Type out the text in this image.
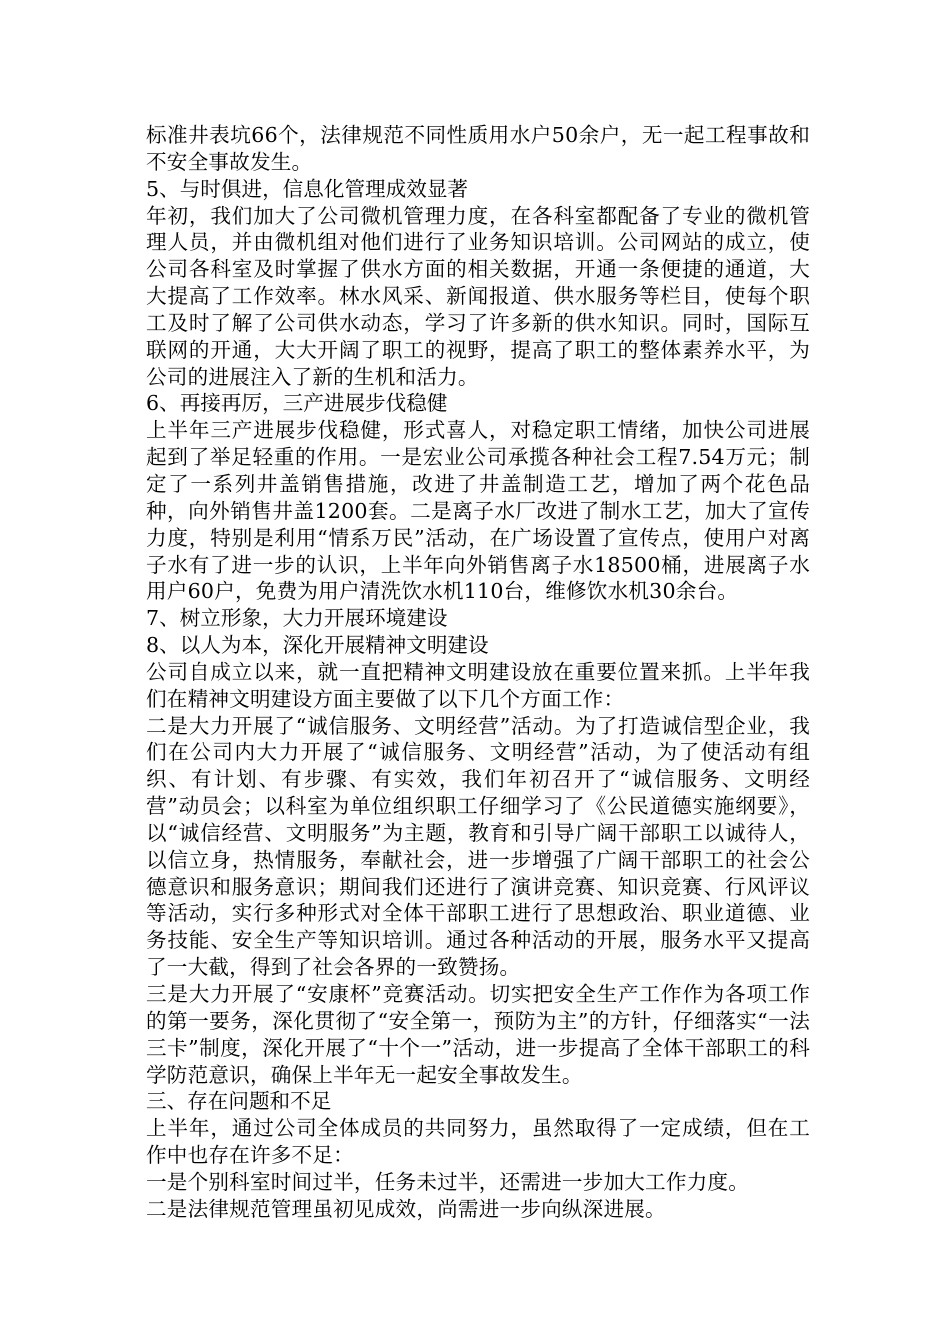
标准井表坑66个，法律规范不同性质用水户50余户，无一起工程事故和不安全事故发生。

5、与时俱进，信息化管理成效显著

年初，我们加大了公司微机管理力度，在各科室都配备了专业的微机管理人员，并由微机组对他们进行了业务知识培训。公司网站的成立，使公司各科室及时掌握了供水方面的相关数据，开通一条便捷的通道，大大提高了工作效率。林水风采、新闻报道、供水服务等栏目，使每个职工及时了解了公司供水动态，学习了许多新的供水知识。同时，国际互联网的开通，大大开阔了职工的视野，提高了职工的整体素养水平，为公司的进展注入了新的生机和活力。

6、再接再厉，三产进展步伐稳健

上半年三产进展步伐稳健，形式喜人，对稳定职工情绪，加快公司进展起到了举足轻重的作用。一是宏业公司承揽各种社会工程7.54万元；制定了一系列井盖销售措施，改进了井盖制造工艺，增加了两个花色品种，向外销售井盖1200套。二是离子水厂改进了制水工艺，加大了宣传力度，特别是利用“情系万民”活动，在广场设置了宣传点，使用户对离子水有了进一步的认识，上半年向外销售离子水18500桶，进展离子水用户60户，免费为用户清洗饮水机110台，维修饮水机30余台。

7、树立形象，大力开展环境建设

8、以人为本，深化开展精神文明建设

公司自成立以来，就一直把精神文明建设放在重要位置来抓。上半年我们在精神文明建设方面主要做了以下几个方面工作：

二是大力开展了“诚信服务、文明经营”活动。为了打造诚信型企业，我们在公司内大力开展了“诚信服务、文明经营”活动，为了使活动有组织、有计划、有步骤、有实效，我们年初召开了“诚信服务、文明经营”动员会；以科室为单位组织职工仔细学习了《公民道德实施纲要》，以“诚信经营、文明服务”为主题，教育和引导广阔干部职工以诚待人，以信立身，热情服务，奉献社会，进一步增强了广阔干部职工的社会公德意识和服务意识；期间我们还进行了演讲竞赛、知识竞赛、行风评议等活动，实行多种形式对全体干部职工进行了思想政治、职业道德、业务技能、安全生产等知识培训。通过各种活动的开展，服务水平又提高了一大截，得到了社会各界的一致赞扬。

三是大力开展了“安康杯”竞赛活动。切实把安全生产工作作为各项工作的第一要务，深化贯彻了“安全第一，预防为主”的方针，仔细落实“一法三卡”制度，深化开展了“十个一”活动，进一步提高了全体干部职工的科学防范意识，确保上半年无一起安全事故发生。

三、存在问题和不足

上半年，通过公司全体成员的共同努力，虽然取得了一定成绩，但在工作中也存在许多不足：

一是个别科室时间过半，任务未过半，还需进一步加大工作力度。

二是法律规范管理虽初见成效，尚需进一步向纵深进展。
